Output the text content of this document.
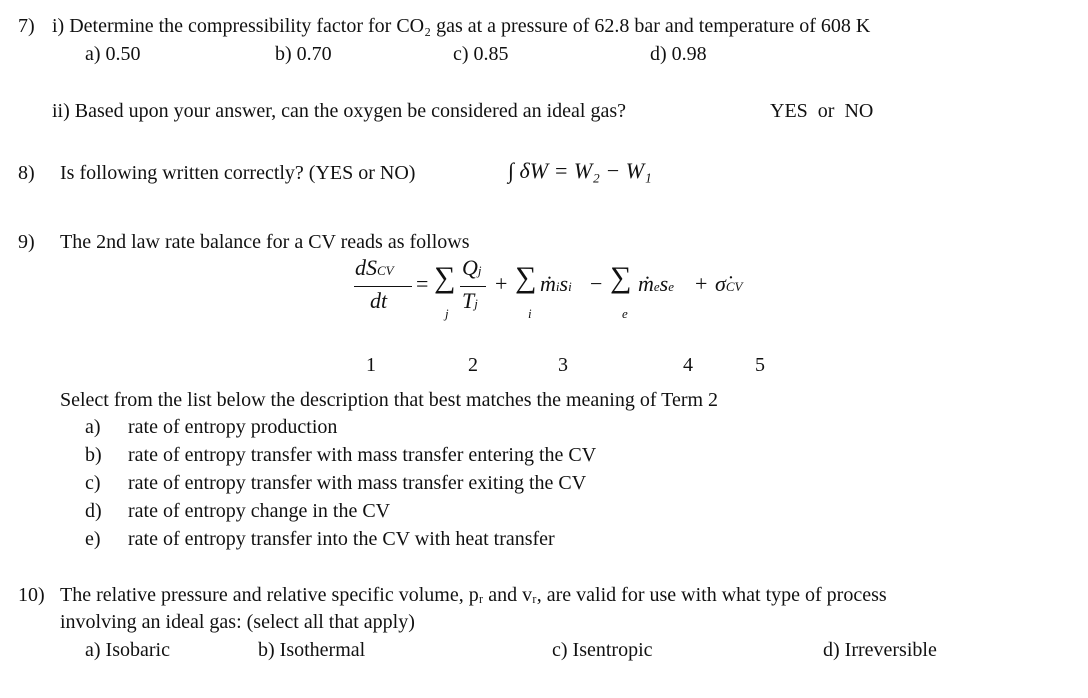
7) i) Determine the compressibility factor for CO₂ gas at a pressure of 62.8 bar and temperature of 608 K
a) 0.50	b) 0.70	c) 0.85	d) 0.98
ii) Based upon your answer, can the oxygen be considered an ideal gas?	YES  or  NO
8) Is following written correctly? (YES or NO)	∫ δW = W₂ − W₁
9) The 2nd law rate balance for a CV reads as follows
dSCV
dt
= ∑
j
Qj
Tj
+ ∑
i
ṁisi − ∑
e
ṁese + σ̇CV
1	2	3	4	5
Select from the list below the description that best matches the meaning of Term 2
a) rate of entropy production
b) rate of entropy transfer with mass transfer entering the CV
c) rate of entropy transfer with mass transfer exiting the CV
d) rate of entropy change in the CV
e) rate of entropy transfer into the CV with heat transfer
10) The relative pressure and relative specific volume, pᵣ and vᵣ, are valid for use with what type of process
involving an ideal gas: (select all that apply)
a) Isobaric	b) Isothermal	c) Isentropic	d) Irreversible
